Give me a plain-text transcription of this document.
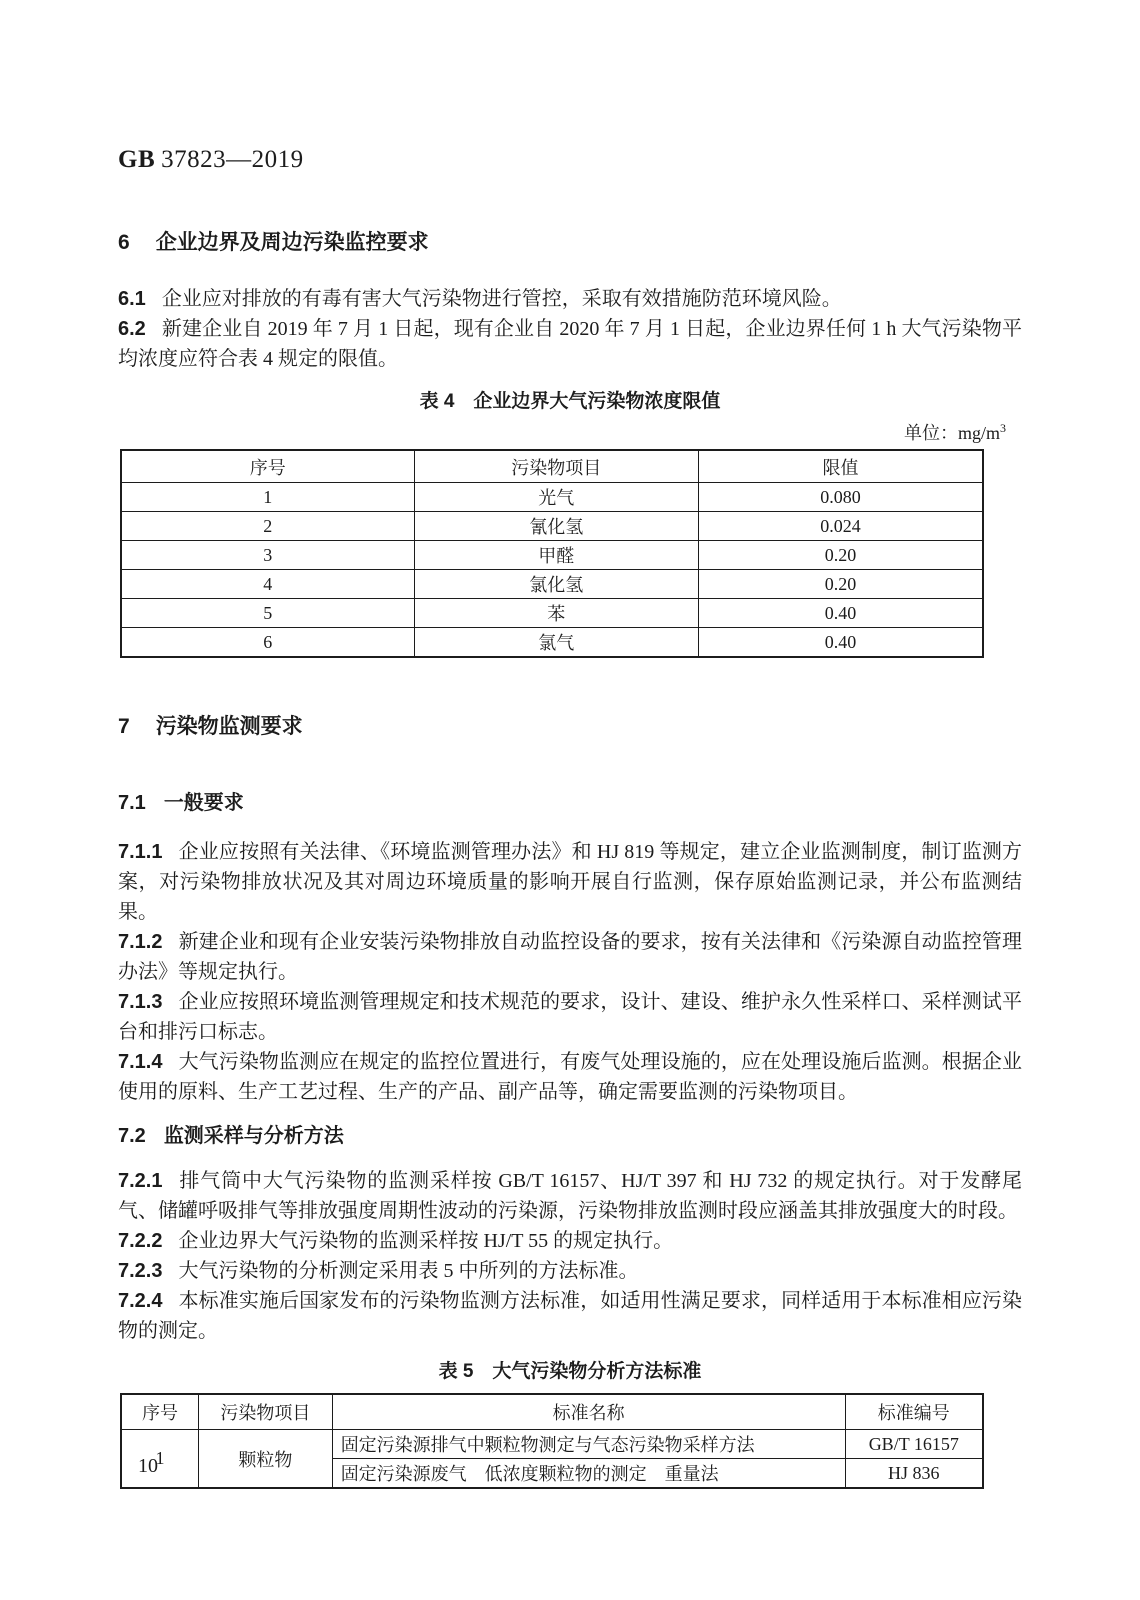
GB 37823—2019
6 企业边界及周边污染监控要求

6.1 企业应对排放的有毒有害大气污染物进行管控，采取有效措施防范环境风险。

6.2 新建企业自 2019 年 7 月 1 日起，现有企业自 2020 年 7 月 1 日起，企业边界任何 1 h 大气污染物平均浓度应符合表 4 规定的限值。

表 4　企业边界大气污染物浓度限值
单位：$mg/m^3$
序号	污染物项目	限值
1	光气	0.080
2	氰化氢	0.024
3	甲醛	0.20
4	氯化氢	0.20
5	苯	0.40
6	氯气	0.40
7 污染物监测要求
7.1 一般要求

7.1.1 企业应按照有关法律、《环境监测管理办法》和 HJ 819 等规定，建立企业监测制度，制订监测方案，对污染物排放状况及其对周边环境质量的影响开展自行监测，保存原始监测记录，并公布监测结果。

7.1.2 新建企业和现有企业安装污染物排放自动监控设备的要求，按有关法律和《污染源自动监控管理办法》等规定执行。

7.1.3 企业应按照环境监测管理规定和技术规范的要求，设计、建设、维护永久性采样口、采样测试平台和排污口标志。

7.1.4 大气污染物监测应在规定的监控位置进行，有废气处理设施的，应在处理设施后监测。根据企业使用的原料、生产工艺过程、生产的产品、副产品等，确定需要监测的污染物项目。

7.2 监测采样与分析方法

7.2.1 排气筒中大气污染物的监测采样按 GB/T 16157、HJ/T 397 和 HJ 732 的规定执行。对于发酵尾气、储罐呼吸排气等排放强度周期性波动的污染源，污染物排放监测时段应涵盖其排放强度大的时段。

7.2.2 企业边界大气污染物的监测采样按 HJ/T 55 的规定执行。

7.2.3 大气污染物的分析测定采用表 5 中所列的方法标准。

7.2.4 本标准实施后国家发布的污染物监测方法标准，如适用性满足要求，同样适用于本标准相应污染物的测定。

表 5　大气污染物分析方法标准
序号	污染物项目	标准名称	标准编号
1	颗粒物	固定污染源排气中颗粒物测定与气态污染物采样方法	GB/T 16157
		固定污染源废气　低浓度颗粒物的测定　重量法	HJ 836
10
